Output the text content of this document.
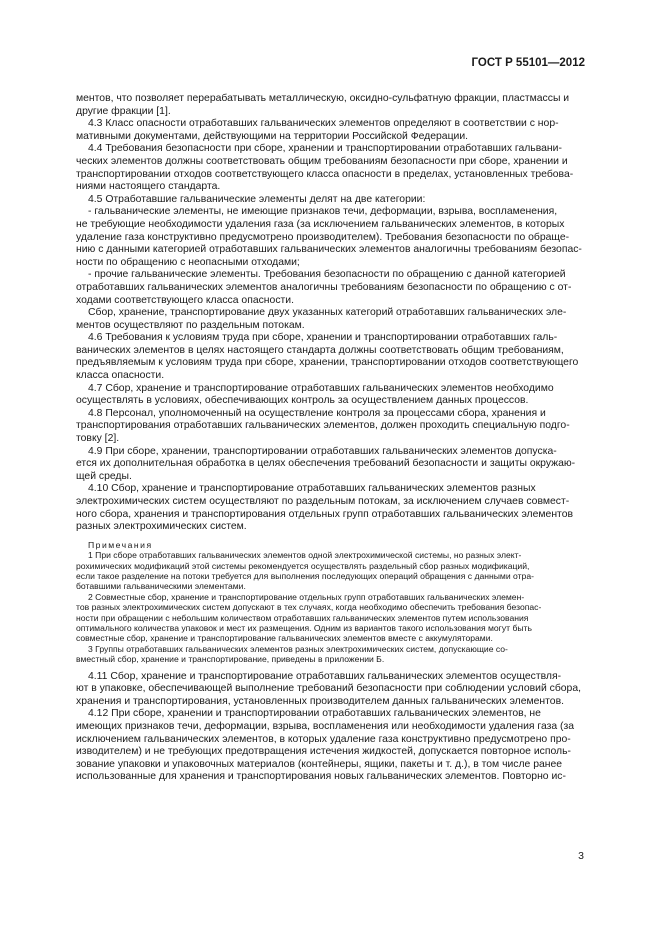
ГОСТ Р 55101—2012
ментов, что позволяет перерабатывать металлическую, оксидно-сульфатную фракции, пластмассы и
другие фракции [1].
4.3 Класс опасности отработавших гальванических элементов определяют в соответствии с нор-
мативными документами, действующими на территории Российской Федерации.
4.4 Требования безопасности при сборе, хранении и транспортировании отработавших гальвани-
ческих элементов должны соответствовать общим требованиям безопасности при сборе, хранении и
транспортировании отходов соответствующего класса опасности в пределах, установленных требова-
ниями настоящего стандарта.
4.5 Отработавшие гальванические элементы делят на две категории:
- гальванические элементы, не имеющие признаков течи, деформации, взрыва, воспламенения,
не требующие необходимости удаления газа (за исключением гальванических элементов, в которых
удаление газа конструктивно предусмотрено производителем). Требования безопасности по обраще-
нию с данными категорией отработавших гальванических элементов аналогичны требованиям безопас-
ности по обращению с неопасными отходами;
- прочие гальванические элементы. Требования безопасности по обращению с данной категорией
отработавших гальванических элементов аналогичны требованиям безопасности по обращению с от-
ходами соответствующего класса опасности.
Сбор, хранение, транспортирование двух указанных категорий отработавших гальванических эле-
ментов осуществляют по раздельным потокам.
4.6 Требования к условиям труда при сборе, хранении и транспортировании отработавших галь-
ванических элементов в целях настоящего стандарта должны соответствовать общим требованиям,
предъявляемым к условиям труда при сборе, хранении, транспортировании отходов соответствующего
класса опасности.
4.7 Сбор, хранение и транспортирование отработавших гальванических элементов необходимо
осуществлять в условиях, обеспечивающих контроль за осуществлением данных процессов.
4.8 Персонал, уполномоченный на осуществление контроля за процессами сбора, хранения и
транспортирования отработавших гальванических элементов, должен проходить специальную подго-
товку [2].
4.9 При сборе, хранении, транспортировании отработавших гальванических элементов допуска-
ется их дополнительная обработка в целях обеспечения требований безопасности и защиты окружаю-
щей среды.
4.10 Сбор, хранение и транспортирование отработавших гальванических элементов разных
электрохимических систем осуществляют по раздельным потокам, за исключением случаев совмест-
ного сбора, хранения и транспортирования отдельных групп отработавших гальванических элементов
разных электрохимических систем.
Примечания
1 При сборе отработавших гальванических элементов одной электрохимической системы, но разных элект-
рохимических модификаций этой системы рекомендуется осуществлять раздельный сбор разных модификаций,
если такое разделение на потоки требуется для выполнения последующих операций обращения с данными отра-
ботавшими гальваническими элементами.
2 Совместные сбор, хранение и транспортирование отдельных групп отработавших гальванических элемен-
тов разных электрохимических систем допускают в тех случаях, когда необходимо обеспечить требования безопас-
ности при обращении с небольшим количеством отработавших гальванических элементов путем использования
оптимального количества упаковок и мест их размещения. Одним из вариантов такого использования могут быть
совместные сбор, хранение и транспортирование гальванических элементов вместе с аккумуляторами.
3 Группы отработавших гальванических элементов разных электрохимических систем, допускающие со-
вместный сбор, хранение и транспортирование, приведены в приложении Б.
4.11 Сбор, хранение и транспортирование отработавших гальванических элементов осуществля-
ют в упаковке, обеспечивающей выполнение требований безопасности при соблюдении условий сбора,
хранения и транспортирования, установленных производителем данных гальванических элементов.
4.12 При сборе, хранении и транспортировании отработавших гальванических элементов, не
имеющих признаков течи, деформации, взрыва, воспламенения или необходимости удаления газа (за
исключением гальванических элементов, в которых удаление газа конструктивно предусмотрено про-
изводителем) и не требующих предотвращения истечения жидкостей, допускается повторное исполь-
зование упаковки и упаковочных материалов (контейнеры, ящики, пакеты и т. д.), в том числе ранее
использованные для хранения и транспортирования новых гальванических элементов. Повторно ис-
3
